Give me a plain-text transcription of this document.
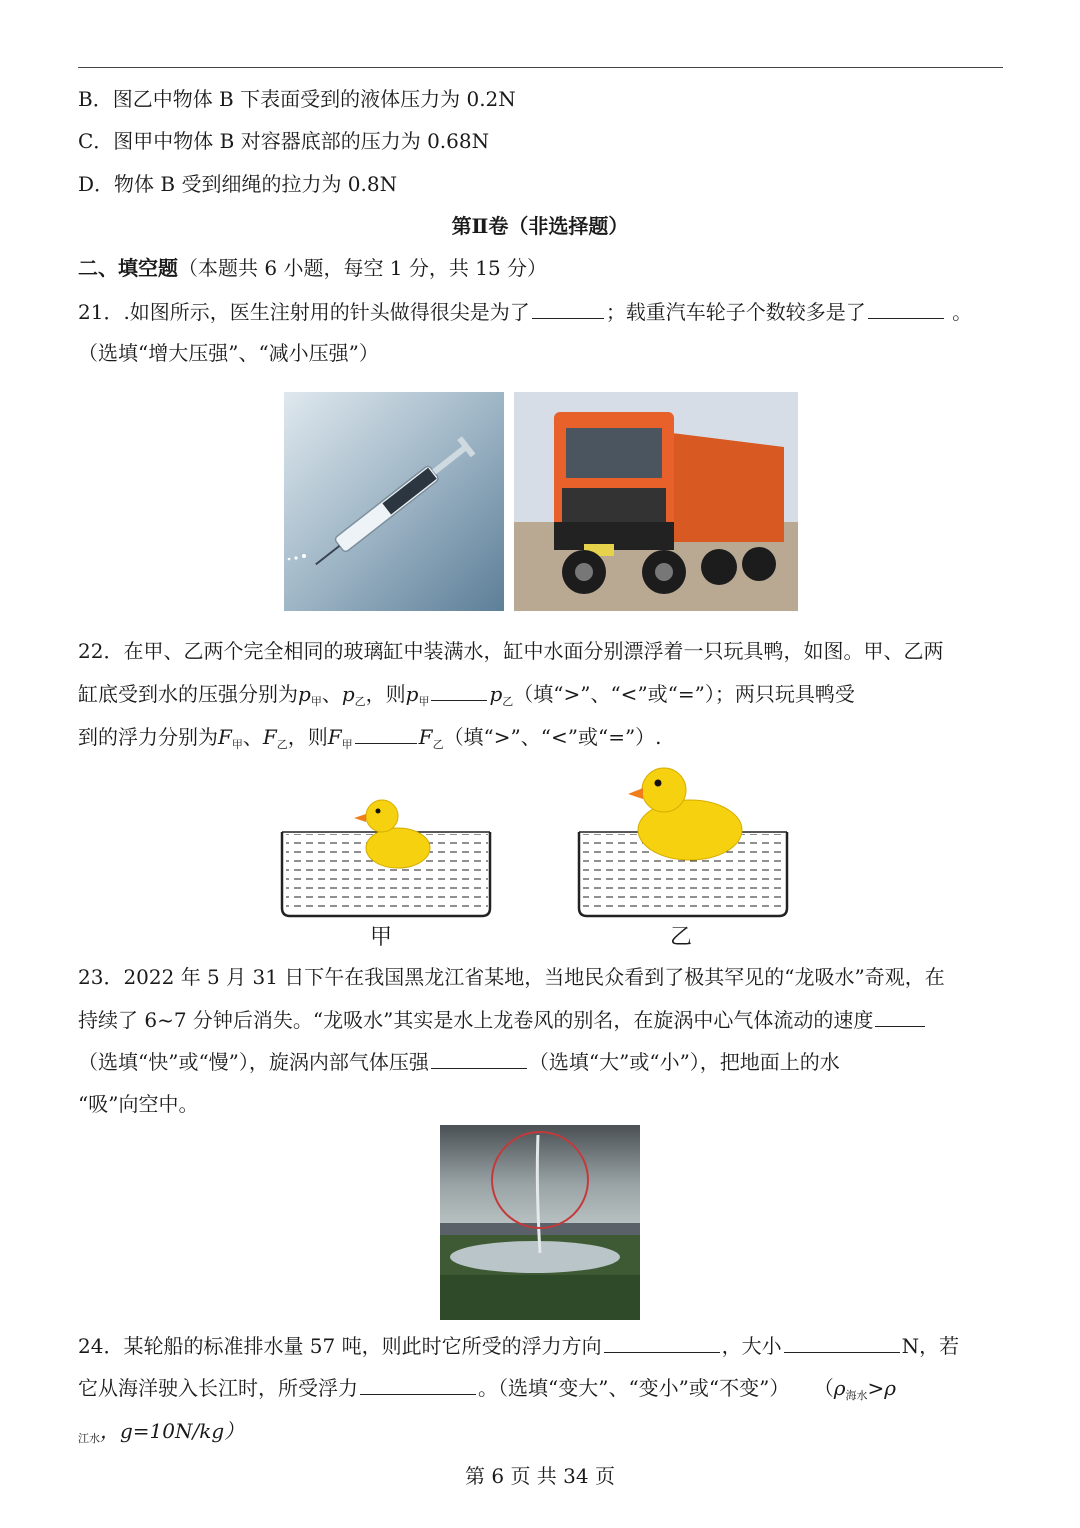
B．图乙中物体 B 下表面受到的液体压力为 0.2N
C．图甲中物体 B 对容器底部的压力为 0.68N
D．物体 B 受到细绳的拉力为 0.8N
第Ⅱ卷（非选择题）
二、填空题（本题共 6 小题，每空 1 分，共 15 分）
21．.如图所示，医生注射用的针头做得很尖是为了	；载重汽车轮子个数较多是了	。
（选填“增大压强”、“减小压强”）
22．在甲、乙两个完全相同的玻璃缸中装满水，缸中水面分别漂浮着一只玩具鸭，如图。甲、乙两
缸底受到水的压强分别为$p_甲$、$p_乙$，则$p_甲$	$p_乙$（填“>”、“<”或“=”）；两只玩具鸭受
到的浮力分别为$F_甲$、$F_乙$，则$F_甲$	$F_乙$（填“>”、“<”或“=”）.
甲	乙
23．2022 年 5 月 31 日下午在我国黑龙江省某地，当地民众看到了极其罕见的“龙吸水”奇观，在
持续了 6~7 分钟后消失。“龙吸水”其实是水上龙卷风的别名，在旋涡中心气体流动的速度
（选填“快”或“慢”），旋涡内部气体压强	（选填“大”或“小”），把地面上的水
“吸”向空中。
24．某轮船的标准排水量 57 吨，则此时它所受的浮力方向	，大小	N，若
它从海洋驶入长江时，所受浮力	。（选填“变大”、“变小”或“不变”） （$\rho_{海水}>\rho$
$_{江水}$，g=10N/kg）
第 6 页 共 34 页
